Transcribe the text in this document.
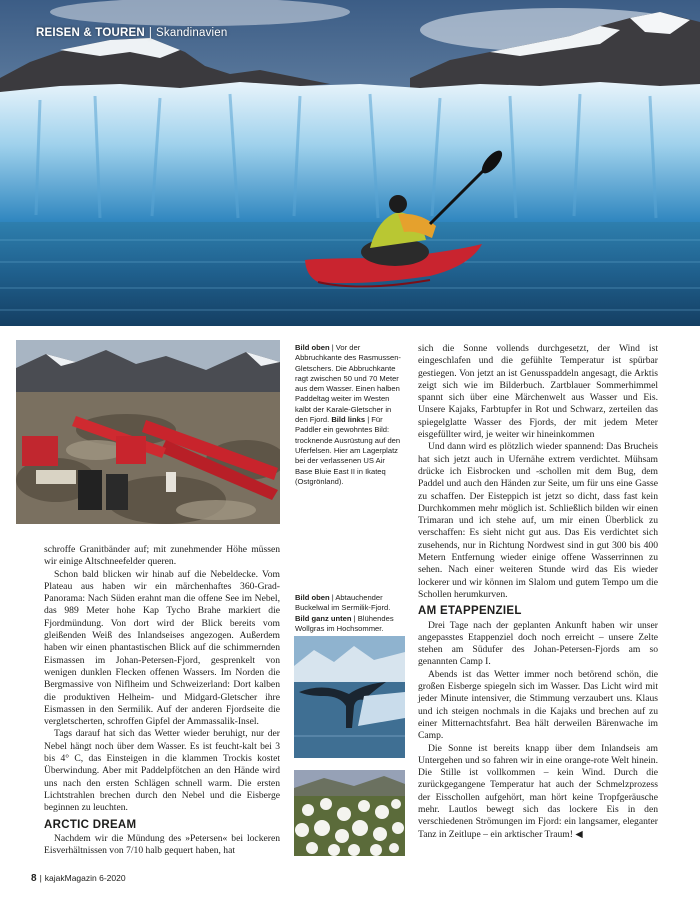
REISEN & TOUREN | Skandinavien
Bild oben | Vor der Abbruchkante des Rasmussen-Gletschers. Die Abbruchkante ragt zwischen 50 und 70 Meter aus dem Wasser. Einen halben Paddeltag weiter im Westen kalbt der Karale-Gletscher in den Fjord. Bild links | Für Paddler ein gewohntes Bild: trocknende Ausrüstung auf den Uferfelsen. Hier am Lagerplatz bei der verlassenen US Air Base Bluie East II in Ikateq (Ostgrönland).
Bild oben | Abtauchender Buckelwal im Sermilik-Fjord. Bild ganz unten | Blühendes Wollgras im Hochsommer.

schroffe Granitbänder auf; mit zunehmender Höhe müssen wir einige Altschneefelder queren.

Schon bald blicken wir hinab auf die Nebeldecke. Vom Plateau aus haben wir ein märchenhaftes 360-Grad-Panorama: Nach Süden erahnt man die offene See im Nebel, das 989 Meter hohe Kap Tycho Brahe markiert die Fjordmündung. Von dort wird der Blick bereits vom gleißenden Weiß des Inlandseises angezogen. Außerdem haben wir einen phantastischen Blick auf die schimmernden Eismassen im Johan-Petersen-Fjord, gesprenkelt von wenigen dunklen Flecken offenen Wassers. Im Norden die Bergmassive von Niflheim und Schweizerland: Dort kalben die produktiven Helheim- und Midgard-Gletscher ihre Eismassen in den Sermilik. Auf der anderen Fjordseite die vergletscherten, schroffen Gipfel der Ammassalik-Insel.

Tags darauf hat sich das Wetter wieder beruhigt, nur der Nebel hängt noch über dem Wasser. Es ist feucht-kalt bei 3 bis 4° C, das Einsteigen in die klammen Trockis kostet Überwindung. Aber mit Paddelpfötchen an den Hände wird uns nach den ersten Schlägen schnell warm. Die ersten Lichtstrahlen brechen durch den Nebel und die Eisberge beginnen zu leuchten.

ARCTIC DREAM

Nachdem wir die Mündung des »Petersen« bei lockeren Eisverhältnissen von 7/10 halb gequert haben, hat

sich die Sonne vollends durchgesetzt, der Wind ist eingeschlafen und die gefühlte Temperatur ist spürbar gestiegen. Von jetzt an ist Genusspaddeln angesagt, die Arktis zeigt sich wie im Bilderbuch. Zartblauer Sommerhimmel spannt sich über eine Märchenwelt aus Wasser und Eis. Unsere Kajaks, Farbtupfer in Rot und Schwarz, zerteilen das spiegelglatte Wasser des Fjords, der mit jedem Meter eisgefüllter wird, je weiter wir hineinkommen

Und dann wird es plötzlich wieder spannend: Das Brucheis hat sich jetzt auch in Ufernähe extrem verdichtet. Mühsam drücke ich Eisbrocken und -schollen mit dem Bug, dem Paddel und auch den Händen zur Seite, um für uns eine Gasse zu schaffen. Der Eisteppich ist jetzt so dicht, dass fast kein Durchkommen mehr möglich ist. Schließlich bilden wir einen Trimaran und ich stehe auf, um mir einen Überblick zu verschaffen: Es sieht nicht gut aus. Das Eis verdichtet sich zusehends, nur in Richtung Nordwest sind in gut 300 bis 400 Metern Entfernung wieder einige offene Wasserrinnen zu sehen. Nach einer weiteren Stunde wird das Eis wieder lockerer und wir können im Slalom und gutem Tempo um die Schollen herumkurven.

AM ETAPPENZIEL

Drei Tage nach der geplanten Ankunft haben wir unser angepasstes Etappenziel doch noch erreicht – unsere Zelte stehen am Südufer des Johan-Petersen-Fjords am so genannten Camp I.

Abends ist das Wetter immer noch betörend schön, die großen Eisberge spiegeln sich im Wasser. Das Licht wird mit jeder Minute intensiver, die Stimmung verzaubert uns. Klaus und ich steigen nochmals in die Kajaks und brechen auf zu einer Mitternachtsfahrt. Bea hält derweilen Bärenwache im Camp.

Die Sonne ist bereits knapp über dem Inlandseis am Untergehen und so fahren wir in eine orange-rote Welt hinein. Die Stille ist vollkommen – kein Wind. Durch die zurückgegangene Temperatur hat auch der Schmelzprozess der Eisschollen aufgehört, man hört keine Tropfgeräusche mehr. Lautlos bewegt sich das lockere Eis in den verschiedenen Strömungen im Fjord: ein langsamer, eleganter Tanz in Zeitlupe – ein arktischer Traum! ◀

8 | kajakMagazin 6-2020
